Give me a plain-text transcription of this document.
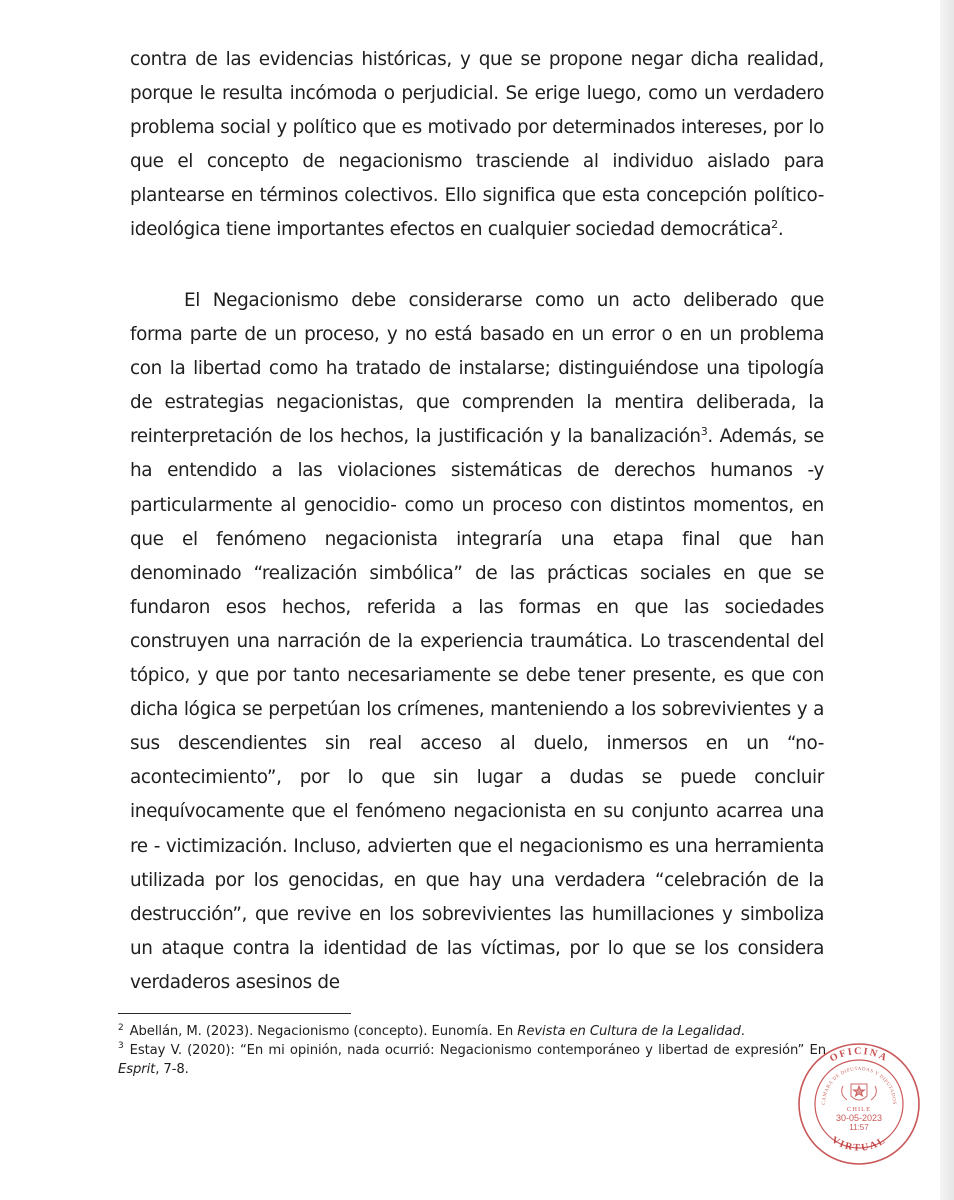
contra de las evidencias históricas, y que se propone negar dicha realidad, porque le resulta incómoda o perjudicial. Se erige luego, como un verdadero problema social y político que es motivado por determinados intereses, por lo que el concepto de negacionismo trasciende al individuo aislado para plantearse en términos colectivos. Ello significa que esta concepción político-ideológica tiene importantes efectos en cualquier sociedad democrática$^2$.

El Negacionismo debe considerarse como un acto deliberado que forma parte de un proceso, y no está basado en un error o en un problema con la libertad como ha tratado de instalarse; distinguiéndose una tipología de estrategias negacionistas, que comprenden la mentira deliberada, la reinterpretación de los hechos, la justificación y la banalización$^3$. Además, se ha entendido a las violaciones sistemáticas de derechos humanos -y particularmente al genocidio- como un proceso con distintos momentos, en que el fenómeno negacionista integraría una etapa final que han denominado “realización simbólica” de las prácticas sociales en que se fundaron esos hechos, referida a las formas en que las sociedades construyen una narración de la experiencia traumática. Lo trascendental del tópico, y que por tanto necesariamente se debe tener presente, es que con dicha lógica se perpetúan los crímenes, manteniendo a los sobrevivientes y a sus descendientes sin real acceso al duelo, inmersos en un “no-acontecimiento”, por lo que sin lugar a dudas se puede concluir inequívocamente que el fenómeno negacionista en su conjunto acarrea una re - victimización. Incluso, advierten que el negacionismo es una herramienta utilizada por los genocidas, en que hay una verdadera “celebración de la destrucción”, que revive en los sobrevivientes las humillaciones y simboliza un ataque contra la identidad de las víctimas, por lo que se los considera verdaderos asesinos de

$^2$ Abellán, M. (2023). Negacionismo (concepto). Eunomía. En Revista en Cultura de la Legalidad.

$^3$ Estay V. (2020): “En mi opinión, nada ocurrió: Negacionismo contemporáneo y libertad de expresión” En Esprit, 7-8.

OFICINA
CAMARA DE DIPUTADAS Y DIPUTADOS
CHILE
30-05-2023
11:57
VIRTUAL
